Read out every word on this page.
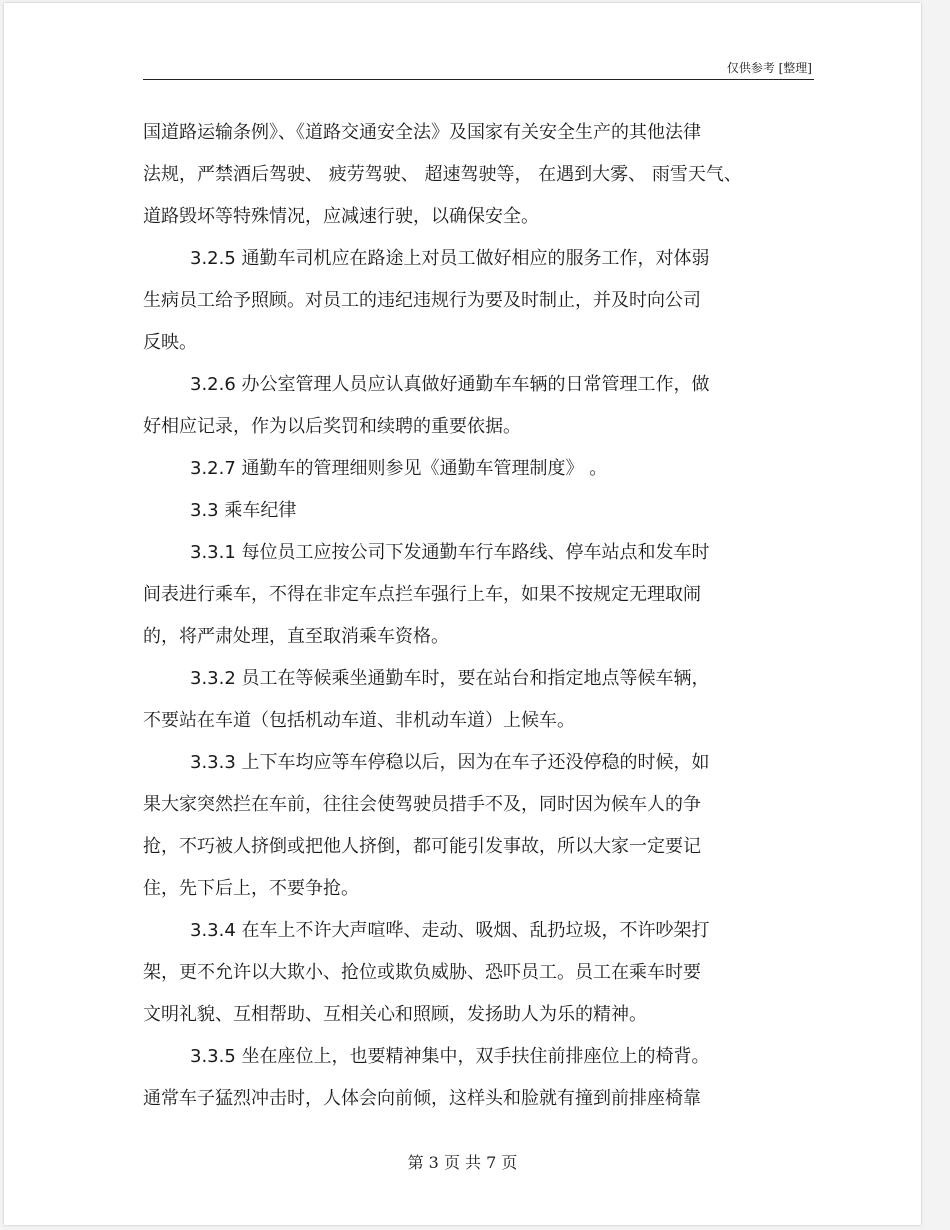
仅供参考 [整理]
国道路运输条例》、《道路交通安全法》及国家有关安全生产的其他法律
法规，严禁酒后驾驶、 疲劳驾驶、 超速驾驶等， 在遇到大雾、 雨雪天气、
道路毁坏等特殊情况，应减速行驶，以确保安全。
3.2.5 通勤车司机应在路途上对员工做好相应的服务工作，对体弱
生病员工给予照顾。对员工的违纪违规行为要及时制止，并及时向公司
反映。
3.2.6 办公室管理人员应认真做好通勤车车辆的日常管理工作，做
好相应记录，作为以后奖罚和续聘的重要依据。
3.2.7 通勤车的管理细则参见《通勤车管理制度》 。
3.3 乘车纪律
3.3.1 每位员工应按公司下发通勤车行车路线、停车站点和发车时
间表进行乘车，不得在非定车点拦车强行上车，如果不按规定无理取闹
的，将严肃处理，直至取消乘车资格。
3.3.2 员工在等候乘坐通勤车时，要在站台和指定地点等候车辆，
不要站在车道（包括机动车道、非机动车道）上候车。
3.3.3 上下车均应等车停稳以后，因为在车子还没停稳的时候，如
果大家突然拦在车前，往往会使驾驶员措手不及，同时因为候车人的争
抢，不巧被人挤倒或把他人挤倒，都可能引发事故，所以大家一定要记
住，先下后上，不要争抢。
3.3.4 在车上不许大声喧哗、走动、吸烟、乱扔垃圾，不许吵架打
架，更不允许以大欺小、抢位或欺负威胁、恐吓员工。员工在乘车时要
文明礼貌、互相帮助、互相关心和照顾，发扬助人为乐的精神。
3.3.5 坐在座位上，也要精神集中，双手扶住前排座位上的椅背。
通常车子猛烈冲击时，人体会向前倾，这样头和脸就有撞到前排座椅靠
第 3 页 共 7 页
